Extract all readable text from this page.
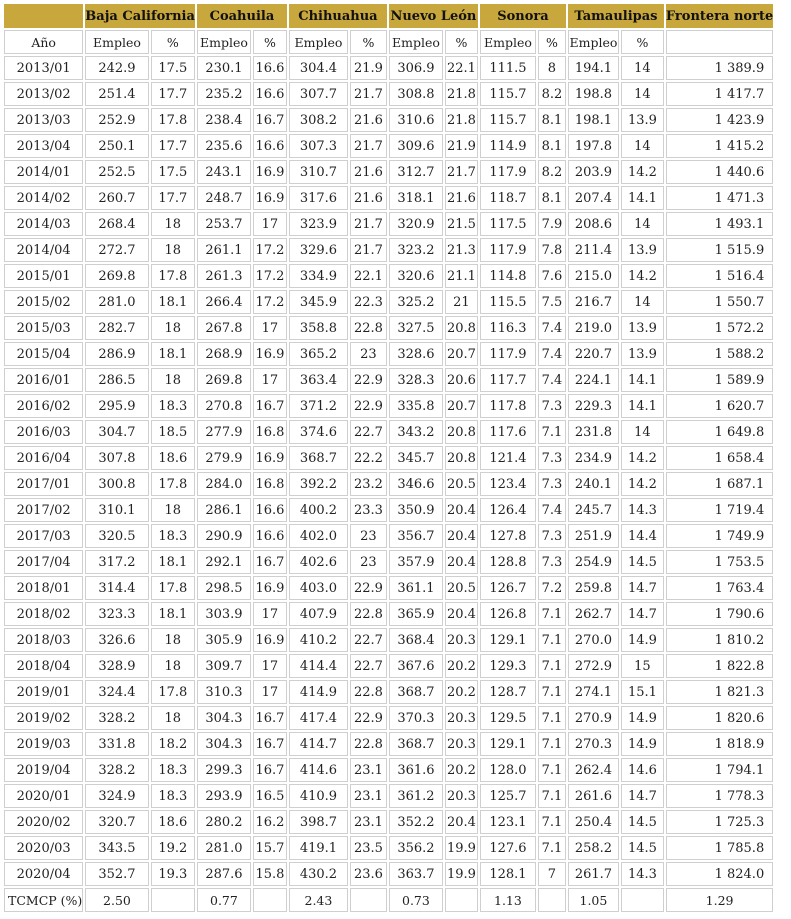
	Baja California		Coahuila		Chihuahua		Nuevo León		Sonora		Tamaulipas		Frontera norte
Año	Empleo	%	Empleo	%	Empleo	%	Empleo	%	Empleo	%	Empleo	%	
2013/01	242.9	17.5	230.1	16.6	304.4	21.9	306.9	22.1	111.5	8	194.1	14	1 389.9
2013/02	251.4	17.7	235.2	16.6	307.7	21.7	308.8	21.8	115.7	8.2	198.8	14	1 417.7
2013/03	252.9	17.8	238.4	16.7	308.2	21.6	310.6	21.8	115.7	8.1	198.1	13.9	1 423.9
2013/04	250.1	17.7	235.6	16.6	307.3	21.7	309.6	21.9	114.9	8.1	197.8	14	1 415.2
2014/01	252.5	17.5	243.1	16.9	310.7	21.6	312.7	21.7	117.9	8.2	203.9	14.2	1 440.6
2014/02	260.7	17.7	248.7	16.9	317.6	21.6	318.1	21.6	118.7	8.1	207.4	14.1	1 471.3
2014/03	268.4	18	253.7	17	323.9	21.7	320.9	21.5	117.5	7.9	208.6	14	1 493.1
2014/04	272.7	18	261.1	17.2	329.6	21.7	323.2	21.3	117.9	7.8	211.4	13.9	1 515.9
2015/01	269.8	17.8	261.3	17.2	334.9	22.1	320.6	21.1	114.8	7.6	215.0	14.2	1 516.4
2015/02	281.0	18.1	266.4	17.2	345.9	22.3	325.2	21	115.5	7.5	216.7	14	1 550.7
2015/03	282.7	18	267.8	17	358.8	22.8	327.5	20.8	116.3	7.4	219.0	13.9	1 572.2
2015/04	286.9	18.1	268.9	16.9	365.2	23	328.6	20.7	117.9	7.4	220.7	13.9	1 588.2
2016/01	286.5	18	269.8	17	363.4	22.9	328.3	20.6	117.7	7.4	224.1	14.1	1 589.9
2016/02	295.9	18.3	270.8	16.7	371.2	22.9	335.8	20.7	117.8	7.3	229.3	14.1	1 620.7
2016/03	304.7	18.5	277.9	16.8	374.6	22.7	343.2	20.8	117.6	7.1	231.8	14	1 649.8
2016/04	307.8	18.6	279.9	16.9	368.7	22.2	345.7	20.8	121.4	7.3	234.9	14.2	1 658.4
2017/01	300.8	17.8	284.0	16.8	392.2	23.2	346.6	20.5	123.4	7.3	240.1	14.2	1 687.1
2017/02	310.1	18	286.1	16.6	400.2	23.3	350.9	20.4	126.4	7.4	245.7	14.3	1 719.4
2017/03	320.5	18.3	290.9	16.6	402.0	23	356.7	20.4	127.8	7.3	251.9	14.4	1 749.9
2017/04	317.2	18.1	292.1	16.7	402.6	23	357.9	20.4	128.8	7.3	254.9	14.5	1 753.5
2018/01	314.4	17.8	298.5	16.9	403.0	22.9	361.1	20.5	126.7	7.2	259.8	14.7	1 763.4
2018/02	323.3	18.1	303.9	17	407.9	22.8	365.9	20.4	126.8	7.1	262.7	14.7	1 790.6
2018/03	326.6	18	305.9	16.9	410.2	22.7	368.4	20.3	129.1	7.1	270.0	14.9	1 810.2
2018/04	328.9	18	309.7	17	414.4	22.7	367.6	20.2	129.3	7.1	272.9	15	1 822.8
2019/01	324.4	17.8	310.3	17	414.9	22.8	368.7	20.2	128.7	7.1	274.1	15.1	1 821.3
2019/02	328.2	18	304.3	16.7	417.4	22.9	370.3	20.3	129.5	7.1	270.9	14.9	1 820.6
2019/03	331.8	18.2	304.3	16.7	414.7	22.8	368.7	20.3	129.1	7.1	270.3	14.9	1 818.9
2019/04	328.2	18.3	299.3	16.7	414.6	23.1	361.6	20.2	128.0	7.1	262.4	14.6	1 794.1
2020/01	324.9	18.3	293.9	16.5	410.9	23.1	361.2	20.3	125.7	7.1	261.6	14.7	1 778.3
2020/02	320.7	18.6	280.2	16.2	398.7	23.1	352.2	20.4	123.1	7.1	250.4	14.5	1 725.3
2020/03	343.5	19.2	281.0	15.7	419.1	23.5	356.2	19.9	127.6	7.1	258.2	14.5	1 785.8
2020/04	352.7	19.3	287.6	15.8	430.2	23.6	363.7	19.9	128.1	7	261.7	14.3	1 824.0
TCMCP (%)	2.50		0.77		2.43		0.73		1.13		1.05		1.29
